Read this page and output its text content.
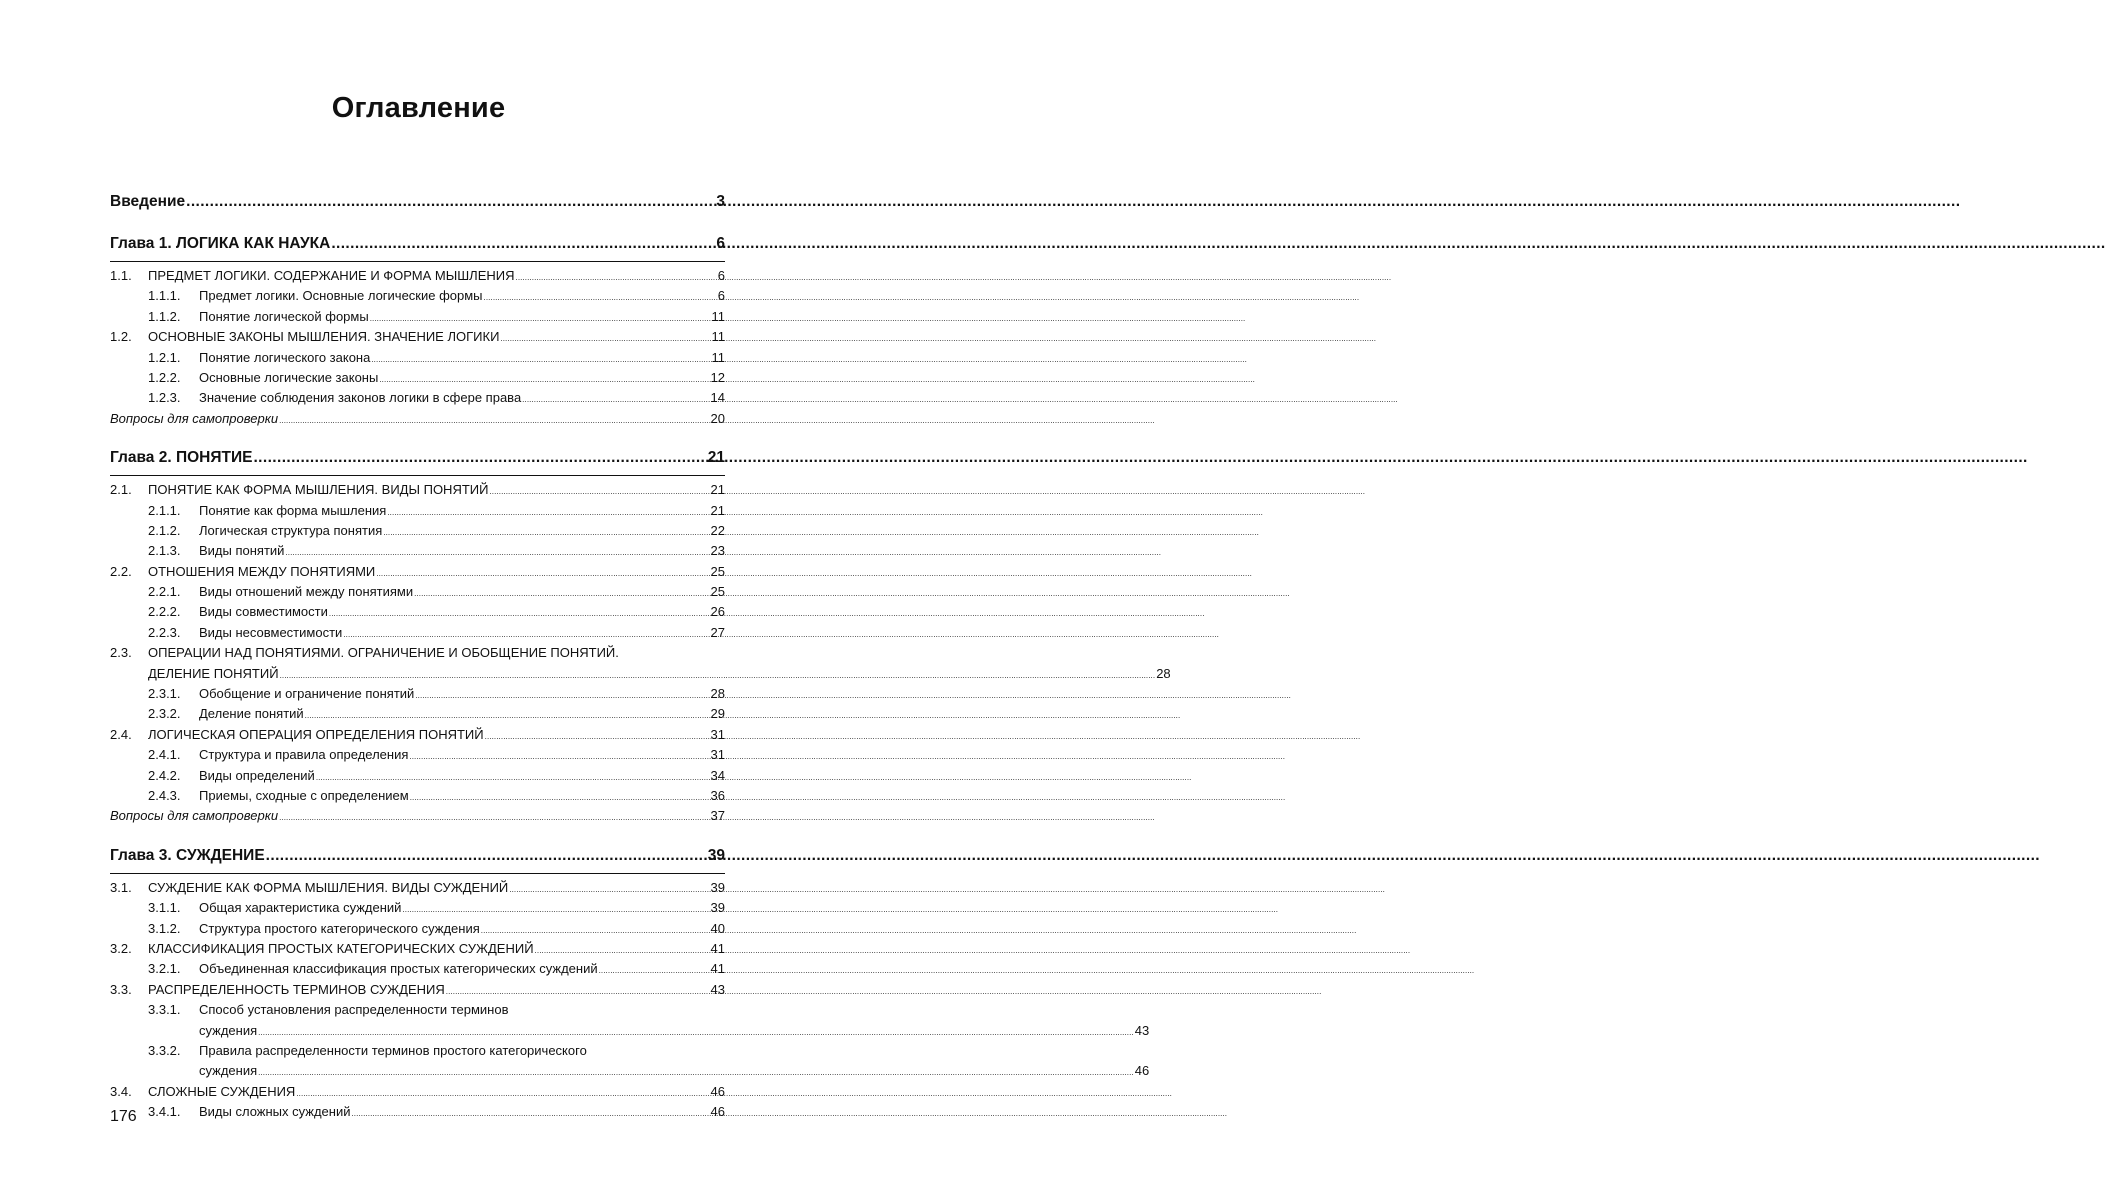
Оглавление
Введение .....	3
Глава 1. ЛОГИКА КАК НАУКА .....	6
1.1. ПРЕДМЕТ ЛОГИКИ. СОДЕРЖАНИЕ И ФОРМА МЫШЛЕНИЯ .....	6
1.1.1. Предмет логики. Основные логические формы .....	6
1.1.2. Понятие логической формы .....	11
1.2. ОСНОВНЫЕ ЗАКОНЫ МЫШЛЕНИЯ. ЗНАЧЕНИЕ ЛОГИКИ .....	11
1.2.1. Понятие логического закона .....	11
1.2.2. Основные логические законы .....	12
1.2.3. Значение соблюдения законов логики в сфере права .....	14
Вопросы для самопроверки .....	20
Глава 2. ПОНЯТИЕ .....	21
2.1. ПОНЯТИЕ КАК ФОРМА МЫШЛЕНИЯ. ВИДЫ ПОНЯТИЙ .....	21
2.1.1. Понятие как форма мышления .....	21
2.1.2. Логическая структура понятия .....	22
2.1.3. Виды понятий .....	23
2.2. ОТНОШЕНИЯ МЕЖДУ ПОНЯТИЯМИ .....	25
2.2.1. Виды отношений между понятиями .....	25
2.2.2. Виды совместимости .....	26
2.2.3. Виды несовместимости .....	27
2.3. ОПЕРАЦИИ НАД ПОНЯТИЯМИ. ОГРАНИЧЕНИЕ И ОБОБЩЕНИЕ ПОНЯТИЙ.
ДЕЛЕНИЕ ПОНЯТИЙ .....	28
2.3.1. Обобщение и ограничение понятий .....	28
2.3.2. Деление понятий .....	29
2.4. ЛОГИЧЕСКАЯ ОПЕРАЦИЯ ОПРЕДЕЛЕНИЯ ПОНЯТИЙ .....	31
2.4.1. Структура и правила определения .....	31
2.4.2. Виды определений .....	34
2.4.3. Приемы, сходные с определением .....	36
Вопросы для самопроверки .....	37
Глава 3. СУЖДЕНИЕ .....	39
3.1. СУЖДЕНИЕ КАК ФОРМА МЫШЛЕНИЯ. ВИДЫ СУЖДЕНИЙ .....	39
3.1.1. Общая характеристика суждений .....	39
3.1.2. Структура простого категорического суждения .....	40
3.2. КЛАССИФИКАЦИЯ ПРОСТЫХ КАТЕГОРИЧЕСКИХ СУЖДЕНИЙ .....	41
3.2.1. Объединенная классификация простых категорических суждений .....	41
3.3. РАСПРЕДЕЛЕННОСТЬ ТЕРМИНОВ СУЖДЕНИЯ .....	43
3.3.1. Способ установления распределенности терминов
суждения .....	43
3.3.2. Правила распределенности терминов простого категорического
суждения .....	46
3.4. СЛОЖНЫЕ СУЖДЕНИЯ .....	46
3.4.1. Виды сложных суждений .....	46
176
